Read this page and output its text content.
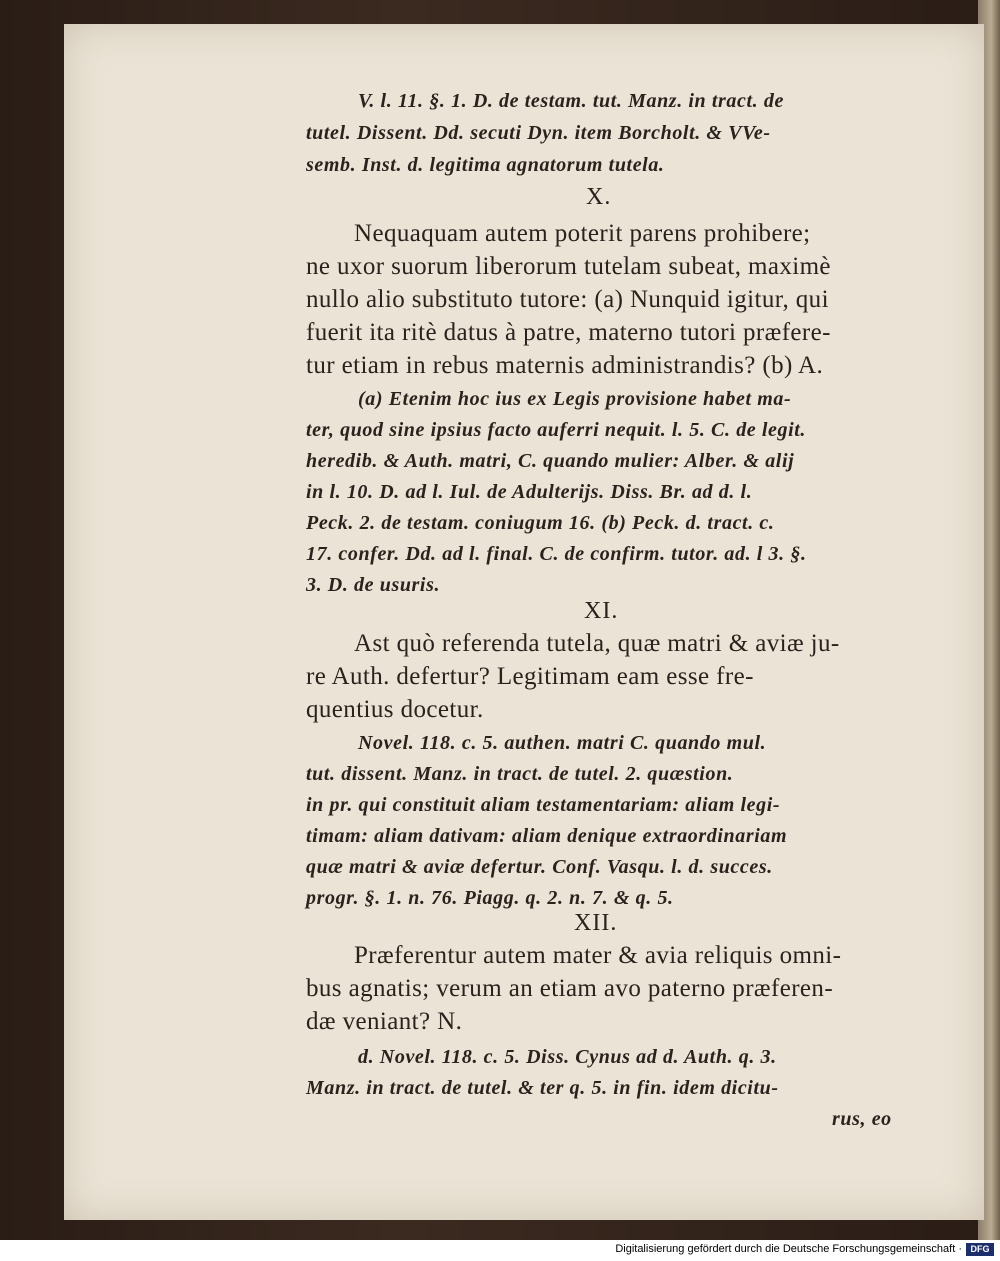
V. l. 11. §. 1. D. de testam. tut. Manz. in tract. de
tutel. Dissent. Dd. secuti Dyn. item Borcholt. & VVe-
semb. Inst. d. legitima agnatorum tutela.
X.
Nequaquam autem poterit parens prohibere;
ne uxor suorum liberorum tutelam subeat, maximè
nullo alio substituto tutore: (a) Nunquid igitur, qui
fuerit ita ritè datus à patre, materno tutori præfere-
tur etiam in rebus maternis administrandis? (b) A.
(a) Etenim hoc ius ex Legis provisione habet ma-
ter, quod sine ipsius facto auferri nequit. l. 5. C. de legit.
heredib. & Auth. matri, C. quando mulier: Alber. & alij
in l. 10. D. ad l. Iul. de Adulterijs. Diss. Br. ad d. l.
Peck. 2. de testam. coniugum 16. (b) Peck. d. tract. c.
17. confer. Dd. ad l. final. C. de confirm. tutor. ad. l 3. §.
3. D. de usuris.
XI.
Ast quò referenda tutela, quæ matri & aviæ ju-
re Auth. defertur? Legitimam eam esse fre-
quentius docetur.
Novel. 118. c. 5. authen. matri C. quando mul.
tut. dissent. Manz. in tract. de tutel. 2. quæstion.
in pr. qui constituit aliam testamentariam: aliam legi-
timam: aliam dativam: aliam denique extraordinariam
quæ matri & aviæ defertur. Conf. Vasqu. l. d. succes.
progr. §. 1. n. 76. Piagg. q. 2. n. 7. & q. 5.
XII.
Præferentur autem mater & avia reliquis omni-
bus agnatis; verum an etiam avo paterno præferen-
dæ veniant? N.
d. Novel. 118. c. 5. Diss. Cynus ad d. Auth. q. 3.
Manz. in tract. de tutel. & ter q. 5. in fin. idem dicitu-
rus, eo
Digitalisierung gefördert durch die Deutsche Forschungsgemeinschaft · DFG
